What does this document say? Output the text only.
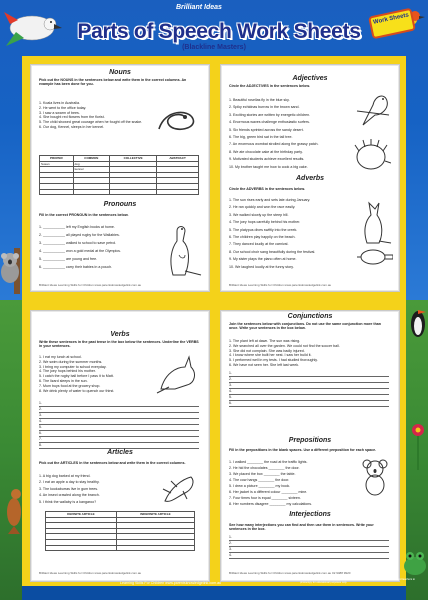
Brilliant Ideas
Parts of Speech Work Sheets
(Blackline Masters)
Work Sheets
Nouns
Pick out the NOUNS in the sentences below and write them in the correct columns. An example has been done for you.
1. Koala lives in Australia.
2. He went to the office today.
3. I saw a swarm of bees.
4. She bought red flowers from the florist.
5. The child showed great courage when he fought off the snake.
6. Our dog, Kennel, sleeps in her kennel.
PROPER	COMMON	COLLECTIVE	ABSTRACT
Susan	dog		
	kennel		

Pronouns
Fill in the correct PRONOUN in the sentences below.
1. ___________ left my English books at home.
2. ___________ all played rugby for the Wallabies.
3. ___________ walked to school to save petrol.
4. ___________ won a gold medal at the Olympics.
5. ___________ are young and free.
6. ___________ carry their babies in a pouch.
Brilliant Ideas Learning Skills for Children www.parentsknowledgelink.com.au
Adjectives
Circle the ADJECTIVES in the sentences below.
1. Beautiful rosellas fly in the blue sky.
2. Spiky echidnas burrow in the brown sand.
3. Exciting stories are written by energetic children.
4. Enormous waves challenge enthusiastic surfers.
5. Six friends sprinted across the sandy desert.
6. The big, green bird sat in the tall tree.
7. An enormous wombat strolled along the grassy patch.
8. We ate chocolate cake at the birthday party.
9. Motivated students achieve excellent results.
10. My brother taught me how to cook a big cake.
Adverbs
Circle the ADVERBS in the sentences below.
1. The sun rises early and sets late during January.
2. He ran quickly and won the race easily.
3. We walked slowly up the steep hill.
4. The joey hops carefully behind his mother.
5. The platypus dives swiftly into the creek.
6. The children play happily on the beach.
7. They danced loudly at the carnival.
8. Our school choir sang beautifully during the festival.
9. My sister plays the piano often at home.
10. We laughed loudly at the funny story.
Brilliant Ideas Learning Skills for Children www.parentsknowledgelink.com.au
Verbs
Write these sentences in the past tense in the box below the sentences. Underline the VERBS in your sentences.
1. I eat my lunch at school.
2. We swim during the summer months.
3. I bring my computer to school everyday.
4. The joey hops behind his mother.
5. I catch the rugby ball before I pass it to Matt.
6. The lizard sleeps in the sun.
7. Mum buys food at the grocery shop.
8. We drink plenty of water to quench our thirst.
1.
2.
3.
4.
5.
6.
7.
8.
Articles
Pick out the ARTICLES in the sentences below and write them in the correct columns.
1. A big dog barked at my friend.
2. I eat an apple a day to stay healthy.
3. The kookaburras live in gum trees.
4. An insect crawled along the branch.
5. I think the wallaby is a kangaroo?
DEFINITE ARTICLE	INDEFINITE ARTICLE

Brilliant Ideas Learning Skills for Children www.parentsknowledgelink.com.au
Conjunctions
Join the sentences below with conjunctions. Do not use the same conjunction more than once. Write your sentences in the box below.
1. The plant left at dawn. The sun was rising.
2. We searched all over the garden. We could not find the soccer ball.
3. She did not complain. She was badly injured.
4. I know where she built her nest. I saw her build it.
5. I performed well in my tests. I had studied thoroughly.
6. We have not seen her. She left last week.
1.
2.
3.
4.
5.
6.
Prepositions
Fill in the prepositions in the blank spaces. Use a different preposition for each space.
1. I walked ________ the road at the traffic lights.
2. He hid the chocolates ________ the door.
3. We placed the box ________ the table.
4. The cow hangs ________ the door.
5. I drew a picture ________ my book.
6. Her jacket is a different colour ________ mine.
7. Four times four is equal ________ sixteen.
8. Her numbers disagree ________ my calculations.
Interjections
See how many interjections you can find and then use them in sentences. Write your sentences in the box.
1.
2.
3.
4.
Brilliant Ideas Learning Skills for Children www.parentsknowledgelink.com.au 02 9488 9920
Learning Skills For Children www.parentsknowledgelink.com.au
Copyright of the Brilliant Ideas Work Sheets. All worksheets are provided for parents and teachers to photocopy for educational purposes only.
